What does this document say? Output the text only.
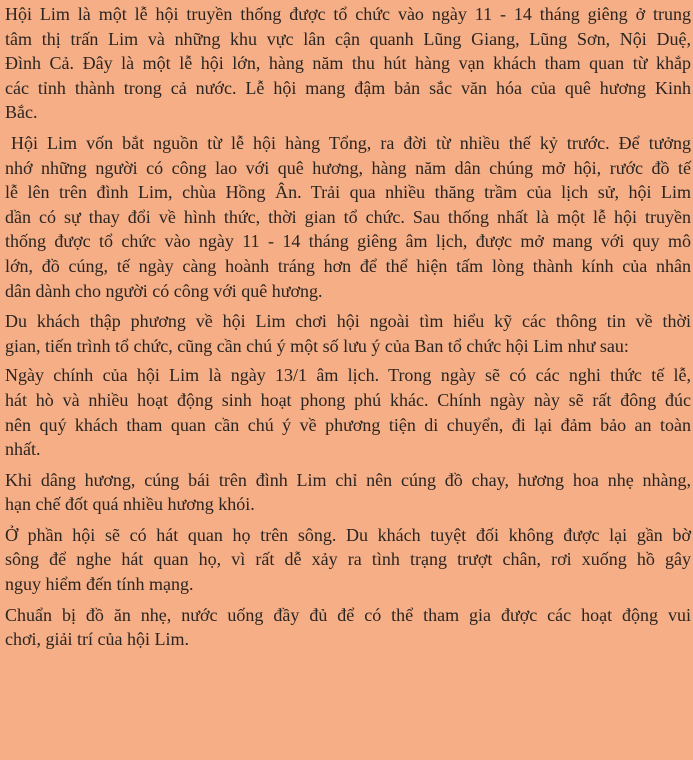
Hội Lim là một lễ hội truyền thống được tổ chức vào ngày 11 - 14 tháng giêng ở trung
tâm thị trấn Lim và những khu vực lân cận quanh Lũng Giang, Lũng Sơn, Nội Duệ,
Đình Cả. Đây là một lễ hội lớn, hàng năm thu hút hàng vạn khách tham quan từ khắp
các tỉnh thành trong cả nước. Lễ hội mang đậm bản sắc văn hóa của quê hương Kinh
Bắc.

Hội Lim vốn bắt nguồn từ lễ hội hàng Tổng, ra đời từ nhiều thế kỷ trước. Để tưởng
nhớ những người có công lao với quê hương, hàng năm dân chúng mở hội, rước đồ tế
lễ lên trên đình Lim, chùa Hồng Ân. Trải qua nhiều thăng trầm của lịch sử, hội Lim
dần có sự thay đổi về hình thức, thời gian tổ chức. Sau thống nhất là một lễ hội truyền
thống được tổ chức vào ngày 11 - 14 tháng giêng âm lịch, được mở mang với quy mô
lớn, đồ cúng, tế ngày càng hoành tráng hơn để thể hiện tấm lòng thành kính của nhân
dân dành cho người có công với quê hương.

Du khách thập phương về hội Lim chơi hội ngoài tìm hiểu kỹ các thông tin về thời
gian, tiến trình tổ chức, cũng cần chú ý một số lưu ý của Ban tổ chức hội Lim như sau:

Ngày chính của hội Lim là ngày 13/1 âm lịch. Trong ngày sẽ có các nghi thức tế lễ,
hát hò và nhiều hoạt động sinh hoạt phong phú khác. Chính ngày này sẽ rất đông đúc
nên quý khách tham quan cần chú ý về phương tiện di chuyển, đi lại đảm bảo an toàn
nhất.

Khi dâng hương, cúng bái trên đình Lim chỉ nên cúng đồ chay, hương hoa nhẹ nhàng,
hạn chế đốt quá nhiều hương khói.

Ở phần hội sẽ có hát quan họ trên sông. Du khách tuyệt đối không được lại gần bờ
sông để nghe hát quan họ, vì rất dễ xảy ra tình trạng trượt chân, rơi xuống hồ gây
nguy hiểm đến tính mạng.

Chuẩn bị đồ ăn nhẹ, nước uống đầy đủ để có thể tham gia được các hoạt động vui
chơi, giải trí của hội Lim.
